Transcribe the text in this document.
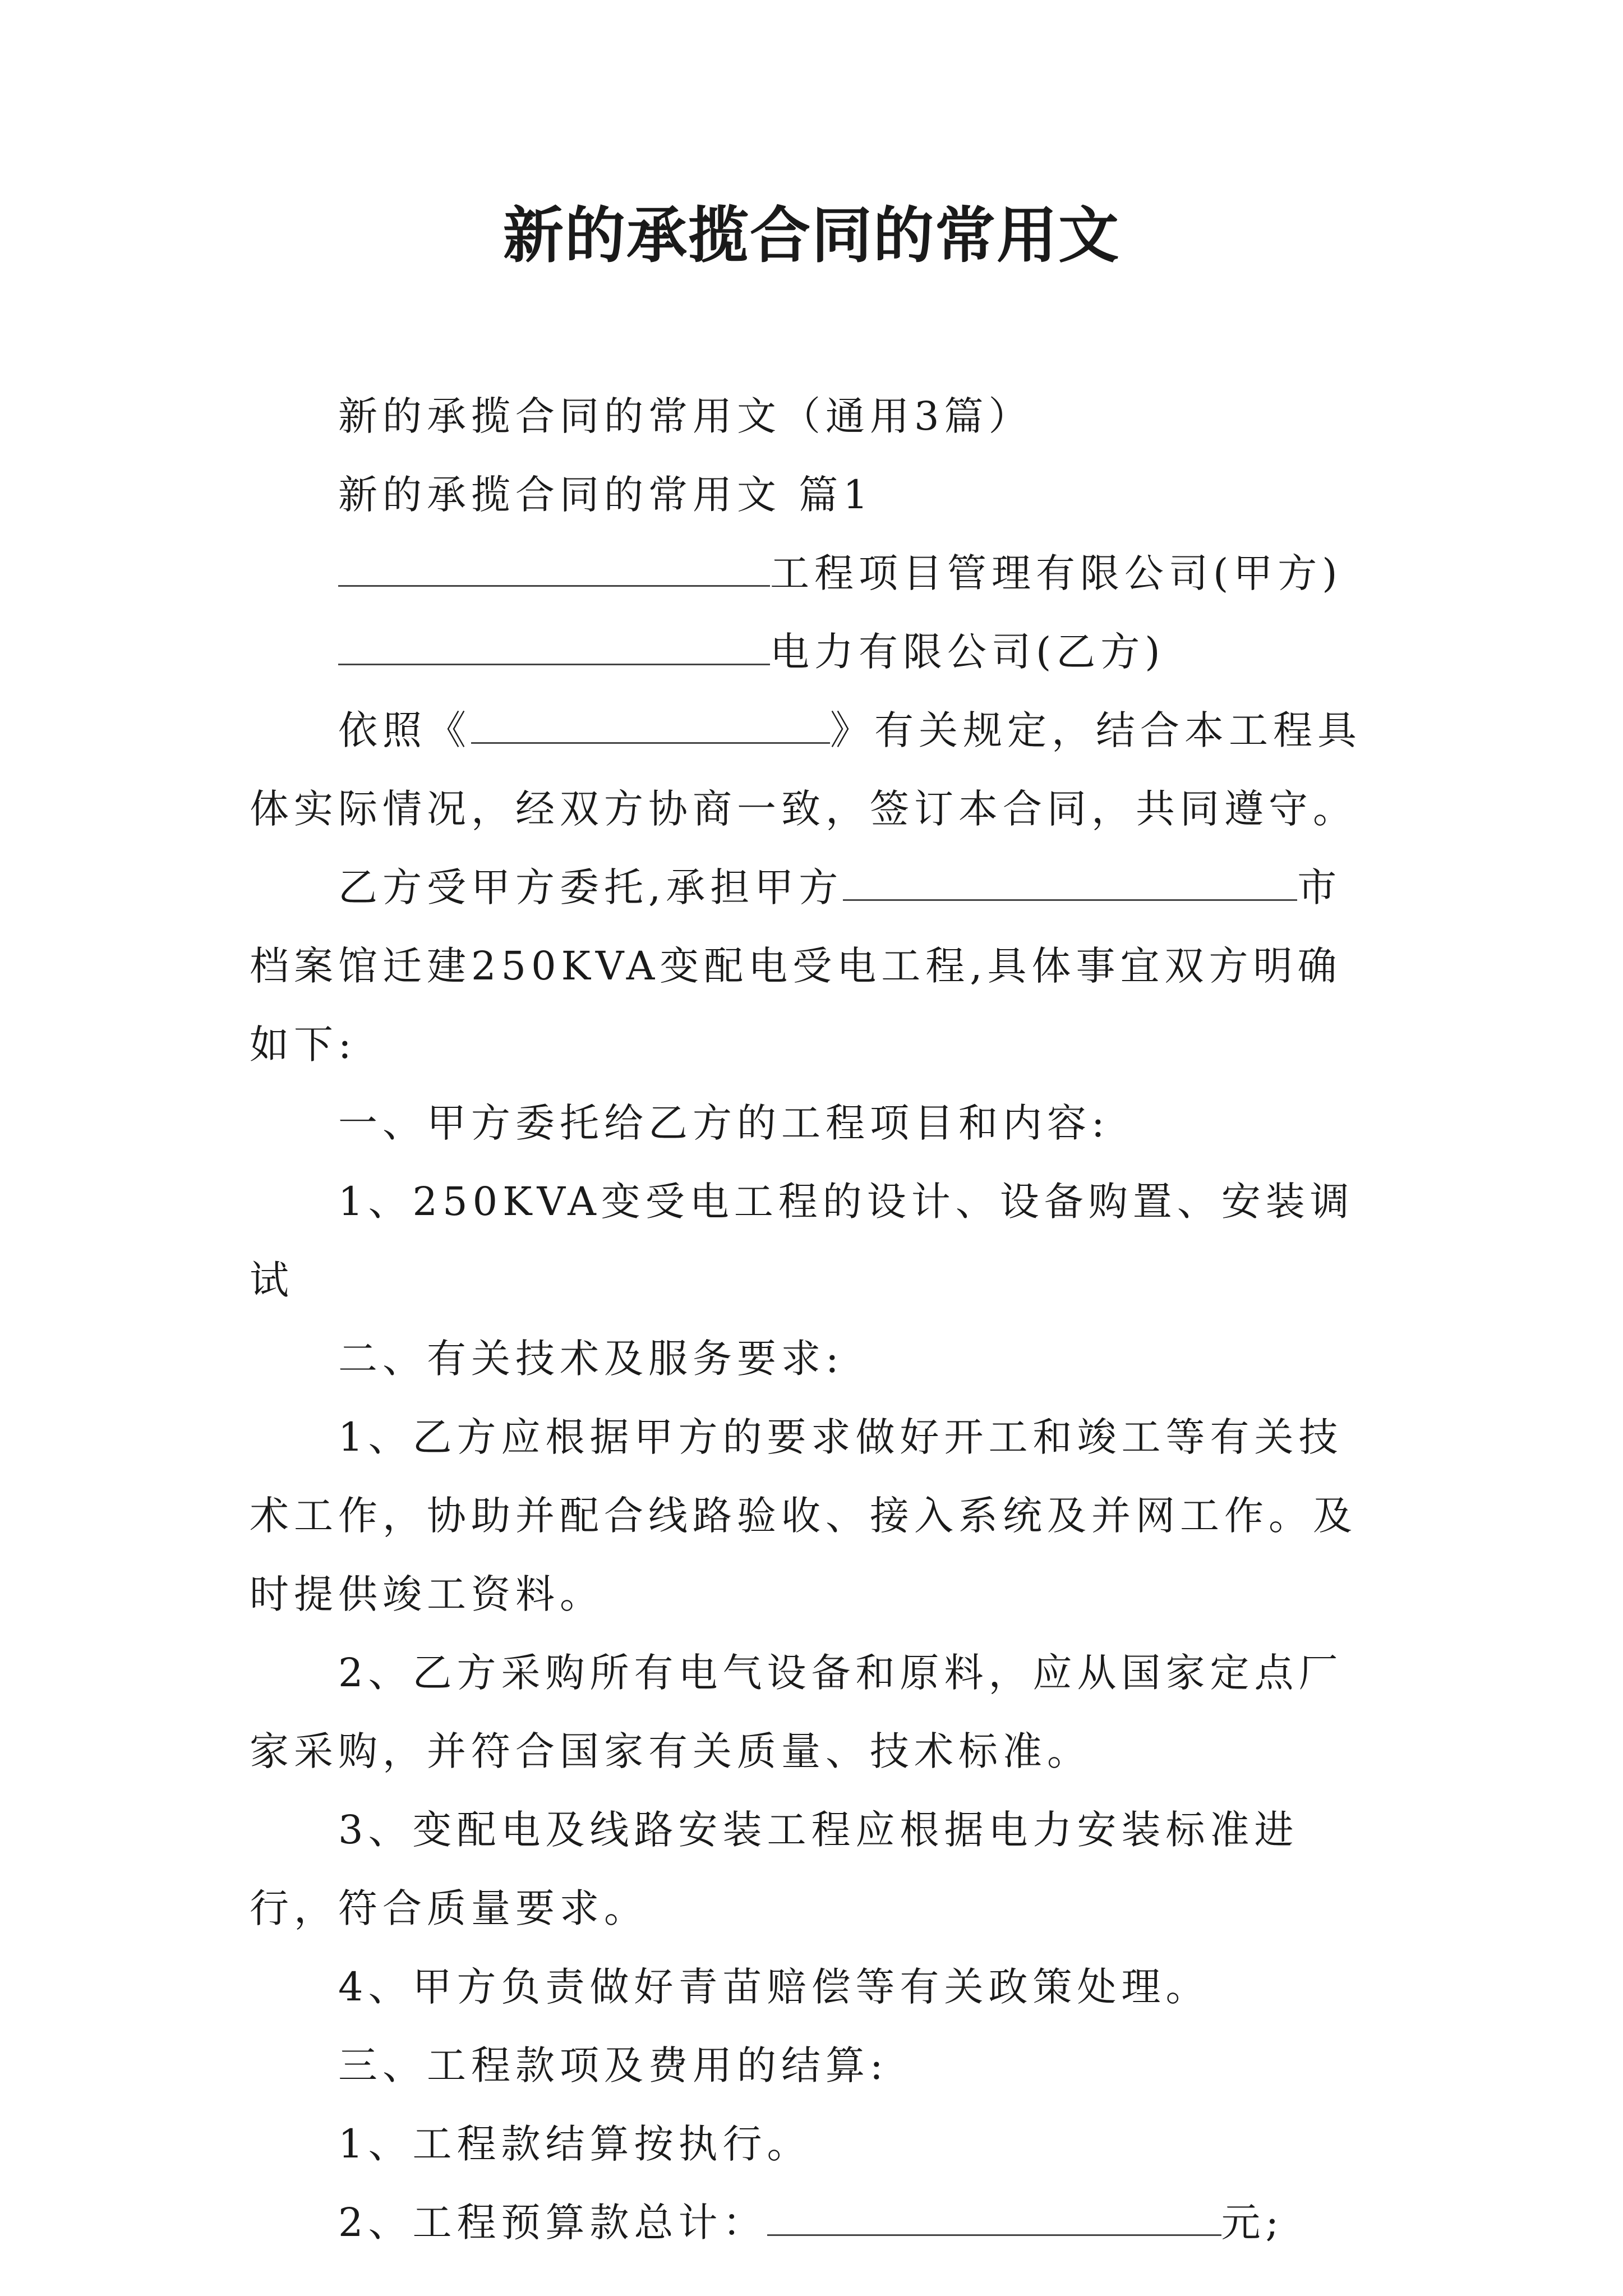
新的承揽合同的常用文

新的承揽合同的常用文（通用3篇）

新的承揽合同的常用文 篇1

工程项目管理有限公司(甲方)

电力有限公司(乙方)

依照《	》有关规定，结合本工程具体实际情况，经双方协商一致，签订本合同，共同遵守。

乙方受甲方委托,承担甲方	市档案馆迁建250KVA变配电受电工程,具体事宜双方明确如下:

一、甲方委托给乙方的工程项目和内容:

1、250KVA变受电工程的设计、设备购置、安装调试

二、有关技术及服务要求:

1、乙方应根据甲方的要求做好开工和竣工等有关技术工作，协助并配合线路验收、接入系统及并网工作。及时提供竣工资料。

2、乙方采购所有电气设备和原料，应从国家定点厂家采购，并符合国家有关质量、技术标准。

3、变配电及线路安装工程应根据电力安装标准进行，符合质量要求。

4、甲方负责做好青苗赔偿等有关政策处理。

三、工程款项及费用的结算:

1、工程款结算按执行。

2、工程预算款总计：	元;
